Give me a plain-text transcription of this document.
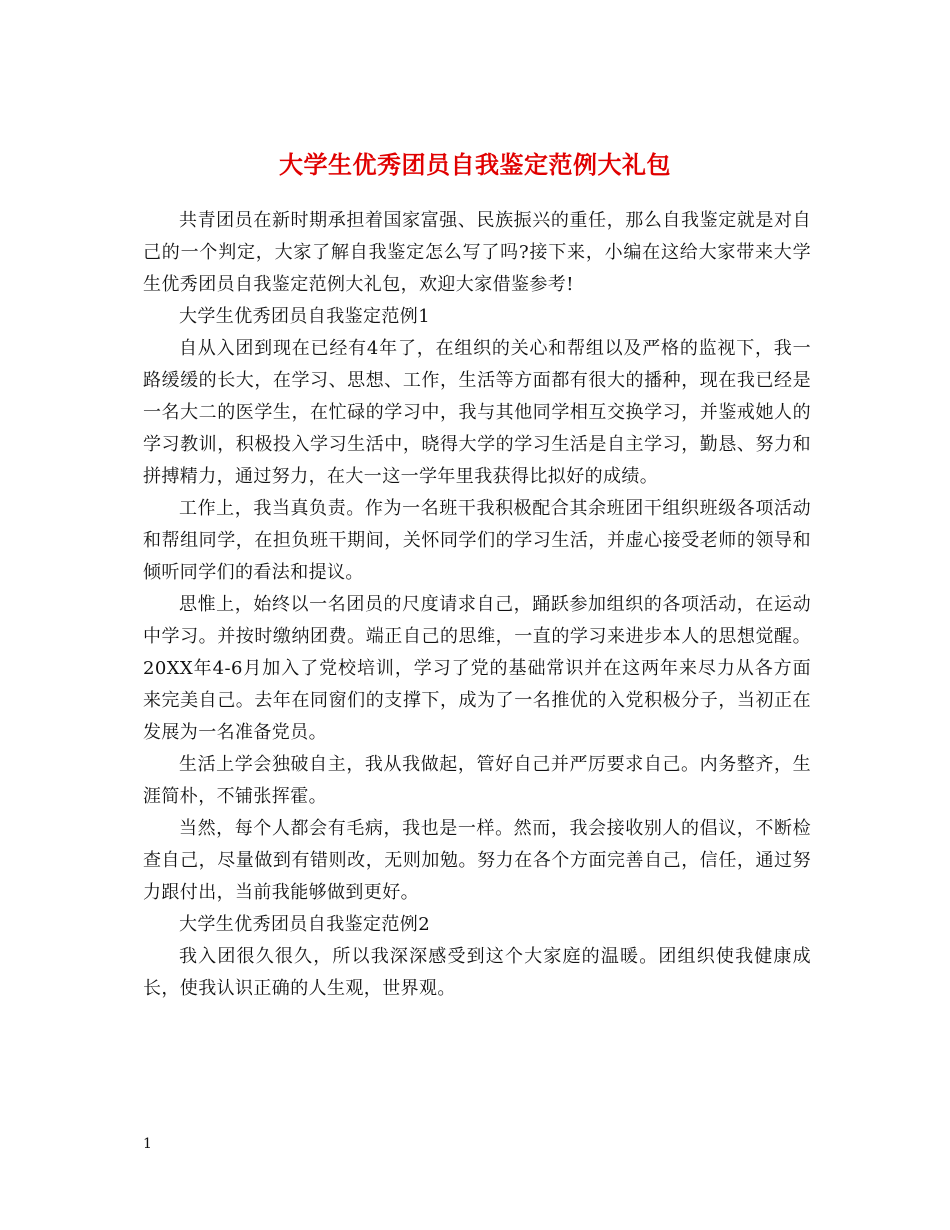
大学生优秀团员自我鉴定范例大礼包

共青团员在新时期承担着国家富强、民族振兴的重任，那么自我鉴定就是对自己的一个判定，大家了解自我鉴定怎么写了吗?接下来，小编在这给大家带来大学生优秀团员自我鉴定范例大礼包，欢迎大家借鉴参考!

大学生优秀团员自我鉴定范例1

自从入团到现在已经有4年了，在组织的关心和帮组以及严格的监视下，我一路缓缓的长大，在学习、思想、工作，生活等方面都有很大的播种，现在我已经是一名大二的医学生，在忙碌的学习中，我与其他同学相互交换学习，并鉴戒她人的学习教训，积极投入学习生活中，晓得大学的学习生活是自主学习，勤恳、努力和拼搏精力，通过努力，在大一这一学年里我获得比拟好的成绩。

工作上，我当真负责。作为一名班干我积极配合其余班团干组织班级各项活动和帮组同学，在担负班干期间，关怀同学们的学习生活，并虚心接受老师的领导和倾听同学们的看法和提议。

思惟上，始终以一名团员的尺度请求自己，踊跃参加组织的各项活动，在运动中学习。并按时缴纳团费。端正自己的思维，一直的学习来进步本人的思想觉醒。20XX年4-6月加入了党校培训，学习了党的基础常识并在这两年来尽力从各方面来完美自己。去年在同窗们的支撑下，成为了一名推优的入党积极分子，当初正在发展为一名准备党员。

生活上学会独破自主，我从我做起，管好自己并严厉要求自己。内务整齐，生涯简朴，不铺张挥霍。

当然，每个人都会有毛病，我也是一样。然而，我会接收别人的倡议，不断检查自己，尽量做到有错则改，无则加勉。努力在各个方面完善自己，信任，通过努力跟付出，当前我能够做到更好。

大学生优秀团员自我鉴定范例2

我入团很久很久，所以我深深感受到这个大家庭的温暖。团组织使我健康成长，使我认识正确的人生观，世界观。

1
